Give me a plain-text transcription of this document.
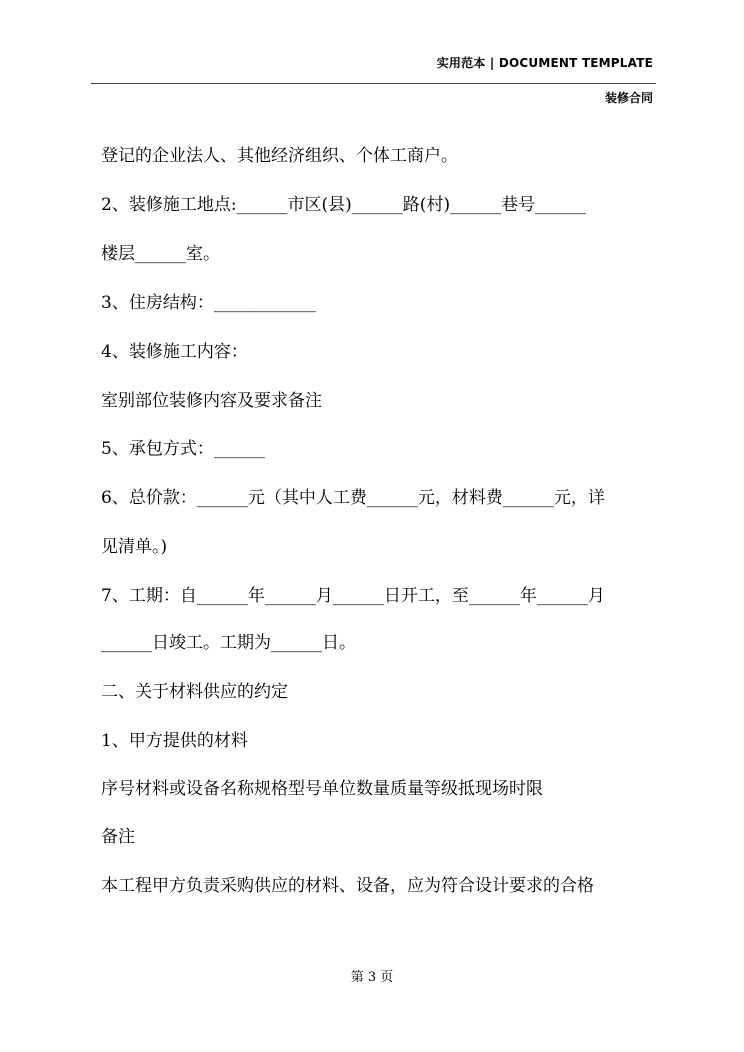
实用范本 | DOCUMENT TEMPLATE
装修合同
登记的企业法人、其他经济组织、个体工商户。
2、装修施工地点:______市区(县)______路(村)______巷号______
楼层______室。
3、住房结构：____________
4、装修施工内容：
室别部位装修内容及要求备注
5、承包方式：______
6、总价款：______元（其中人工费______元，材料费______元，详
见清单。)
7、工期：自______年______月______日开工，至______年______月
______日竣工。工期为______日。
二、关于材料供应的约定
1、甲方提供的材料
序号材料或设备名称规格型号单位数量质量等级抵现场时限
备注
本工程甲方负责采购供应的材料、设备，应为符合设计要求的合格
第 3 页
